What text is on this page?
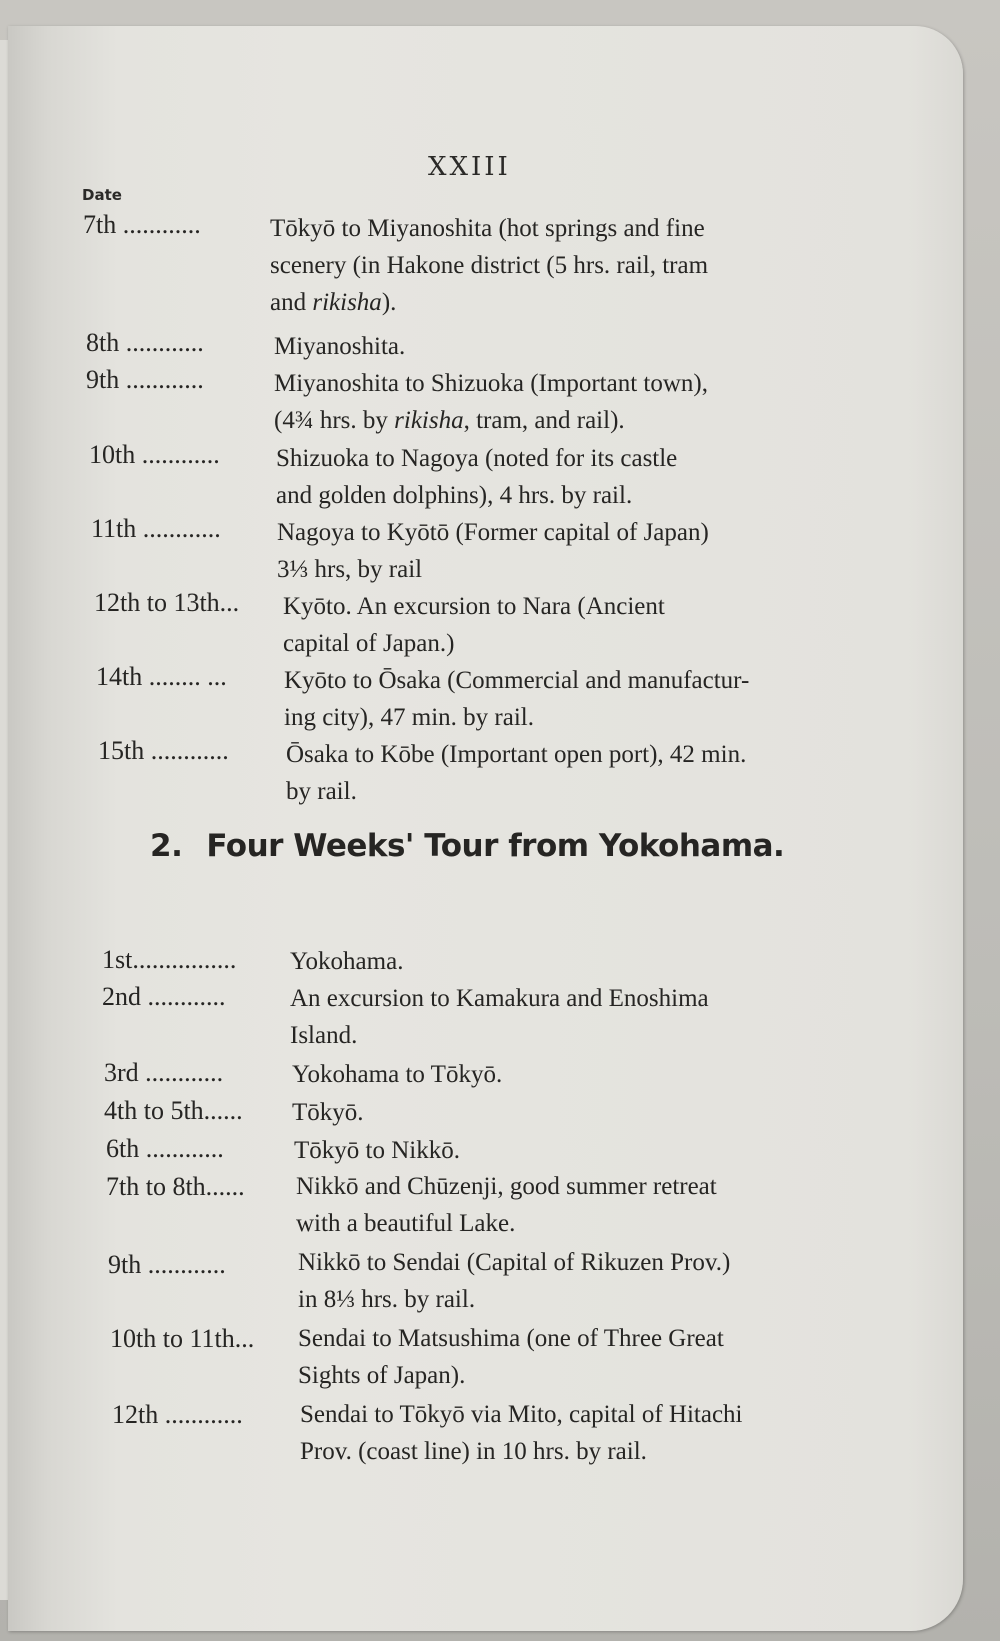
XXIII
Date
7th ............	Tōkyō to Miyanoshita (hot springs and fine
scenery (in Hakone district (5 hrs. rail, tram
and rikisha).
8th ............	Miyanoshita.
9th ............	Miyanoshita to Shizuoka (Important town),
(4¾ hrs. by rikisha, tram, and rail).
10th ............ Shizuoka to Nagoya (noted for its castle
and golden dolphins), 4 hrs. by rail.
11th ............ Nagoya to Kyōtō (Former capital of Japan)
3⅓ hrs, by rail
12th to 13th... Kyōto. An excursion to Nara (Ancient
capital of Japan.)
14th ........ ... Kyōto to Ōsaka (Commercial and manufactur-
ing city), 47 min. by rail.
15th ............ Ōsaka to Kōbe (Important open port), 42 min.
by rail.
2. Four Weeks' Tour from Yokohama.
1st................ Yokohama.
2nd ............	An excursion to Kamakura and Enoshima
Island.
3rd ............	Yokohama to Tōkyō.
4th to 5th...... Tōkyō.
6th ............	Tōkyō to Nikkō.
7th to 8th...... Nikkō and Chūzenji, good summer retreat
with a beautiful Lake.
9th ............	Nikkō to Sendai (Capital of Rikuzen Prov.)
in 8⅓ hrs. by rail.
10th to 11th... Sendai to Matsushima (one of Three Great
Sights of Japan).
12th ............ Sendai to Tōkyō via Mito, capital of Hitachi
Prov. (coast line) in 10 hrs. by rail.
